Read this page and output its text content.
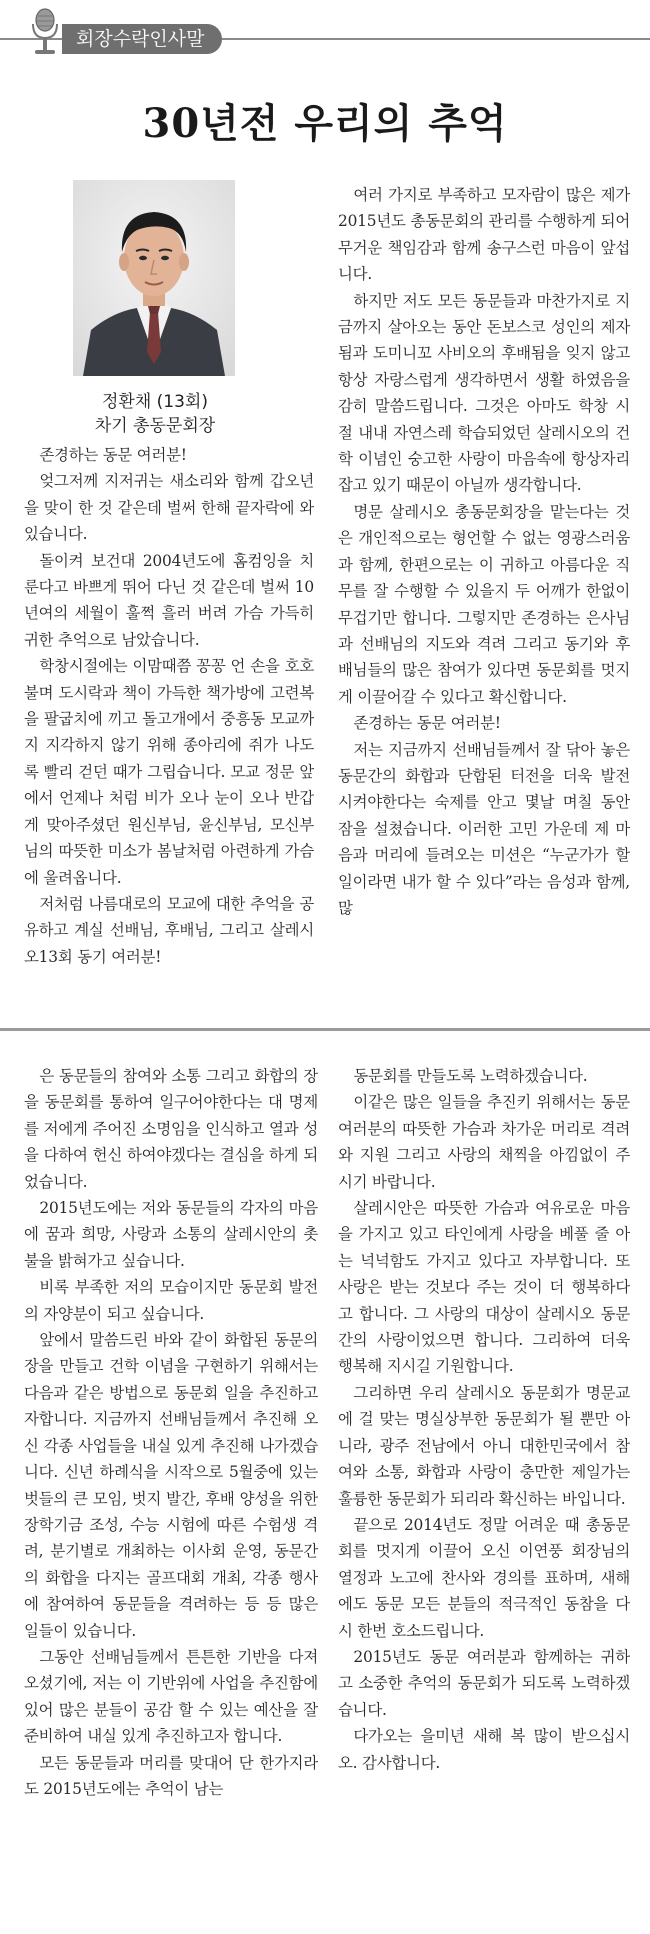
회장수락인사말
30년전 우리의 추억
정환채 (13회)
차기 총동문회장

존경하는 동문 여러분!

엊그저께 지저귀는 새소리와 함께 갑오년을 맞이 한 것 같은데 벌써 한해 끝자락에 와 있습니다.

돌이켜 보건대 2004년도에 홈컴잉을 치룬다고 바쁘게 뛰어 다닌 것 같은데 벌써 10년여의 세월이 훌쩍 흘러 버려 가슴 가득히 귀한 추억으로 남았습니다.

학창시절에는 이맘때쯤 꽁꽁 언 손을 호호 불며 도시락과 책이 가득한 책가방에 고련복을 팔굽치에 끼고 돌고개에서 중흥동 모교까지 지각하지 않기 위해 종아리에 쥐가 나도록 빨리 걷던 때가 그립습니다. 모교 정문 앞에서 언제나 처럼 비가 오나 눈이 오나 반갑게 맞아주셨던 원신부님, 윤신부님, 모신부님의 따뜻한 미소가 봄날처럼 아련하게 가슴에 울려옵니다.

저처럼 나름대로의 모교에 대한 추억을 공유하고 계실 선배님, 후배님, 그리고 살레시오13회 동기 여러분!

여러 가지로 부족하고 모자람이 많은 제가 2015년도 총동문회의 관리를 수행하게 되어 무거운 책임감과 함께 송구스런 마음이 앞섭니다.

하지만 저도 모든 동문들과 마찬가지로 지금까지 살아오는 동안 돈보스코 성인의 제자됨과 도미니꼬 사비오의 후배됨을 잊지 않고 항상 자랑스럽게 생각하면서 생활 하였음을 감히 말씀드립니다. 그것은 아마도 학창 시절 내내 자연스레 학습되었던 살레시오의 건학 이념인 숭고한 사랑이 마음속에 항상자리 잡고 있기 때문이 아닐까 생각합니다.

명문 살레시오 총동문회장을 맡는다는 것은 개인적으로는 형언할 수 없는 영광스러움과 함께, 한편으로는 이 귀하고 아름다운 직무를 잘 수행할 수 있을지 두 어깨가 한없이 무겁기만 합니다. 그렇지만 존경하는 은사님과 선배님의 지도와 격려 그리고 동기와 후배님들의 많은 참여가 있다면 동문회를 멋지게 이끌어갈 수 있다고 확신합니다.

존경하는 동문 여러분!

저는 지금까지 선배님들께서 잘 닦아 놓은 동문간의 화합과 단합된 터전을 더욱 발전 시켜야한다는 숙제를 안고 몇날 며칠 동안 잠을 설쳤습니다. 이러한 고민 가운데 제 마음과 머리에 들려오는 미션은 “누군가가 할 일이라면 내가 할 수 있다”라는 음성과 함께, 많

은 동문들의 참여와 소통 그리고 화합의 장을 동문회를 통하여 일구어야한다는 대 명제를 저에게 주어진 소명임을 인식하고 열과 성을 다하여 헌신 하여야겠다는 결심을 하게 되었습니다.

2015년도에는 저와 동문들의 각자의 마음에 꿈과 희망, 사랑과 소통의 살레시안의 촛불을 밝혀가고 싶습니다.

비록 부족한 저의 모습이지만 동문회 발전의 자양분이 되고 싶습니다.

앞에서 말씀드린 바와 같이 화합된 동문의 장을 만들고 건학 이념을 구현하기 위해서는 다음과 같은 방법으로 동문회 일을 추진하고자합니다. 지금까지 선배님들께서 추진해 오신 각종 사업들을 내실 있게 추진해 나가겠습니다. 신년 하례식을 시작으로 5월중에 있는 벗들의 큰 모임, 벗지 발간, 후배 양성을 위한 장학기금 조성, 수능 시험에 따른 수험생 격려, 분기별로 개최하는 이사회 운영, 동문간의 화합을 다지는 골프대회 개최, 각종 행사에 참여하여 동문들을 격려하는 등 등 많은 일들이 있습니다.

그동안 선배님들께서 튼튼한 기반을 다져 오셨기에, 저는 이 기반위에 사업을 추진함에 있어 많은 분들이 공감 할 수 있는 예산을 잘 준비하여 내실 있게 추진하고자 합니다.

모든 동문들과 머리를 맞대어 단 한가지라도 2015년도에는 추억이 남는

동문회를 만들도록 노력하겠습니다.

이같은 많은 일들을 추진키 위해서는 동문 여러분의 따뜻한 가슴과 차가운 머리로 격려와 지원 그리고 사랑의 채찍을 아낌없이 주시기 바랍니다.

살레시안은 따뜻한 가슴과 여유로운 마음을 가지고 있고 타인에게 사랑을 베풀 줄 아는 넉넉함도 가지고 있다고 자부합니다. 또 사랑은 받는 것보다 주는 것이 더 행복하다고 합니다. 그 사랑의 대상이 살레시오 동문간의 사랑이었으면 합니다. 그리하여 더욱 행복해 지시길 기원합니다.

그리하면 우리 살레시오 동문회가 명문교에 걸 맞는 명실상부한 동문회가 될 뿐만 아니라, 광주 전남에서 아니 대한민국에서 참여와 소통, 화합과 사랑이 충만한 제일가는 훌륭한 동문회가 되리라 확신하는 바입니다.

끝으로 2014년도 정말 어려운 때 총동문회를 멋지게 이끌어 오신 이연풍 회장님의 열정과 노고에 찬사와 경의를 표하며, 새해에도 동문 모든 분들의 적극적인 동참을 다시 한번 호소드립니다.

2015년도 동문 여러분과 함께하는 귀하고 소중한 추억의 동문회가 되도록 노력하겠습니다.

다가오는 을미년 새해 복 많이 받으십시오. 감사합니다.
